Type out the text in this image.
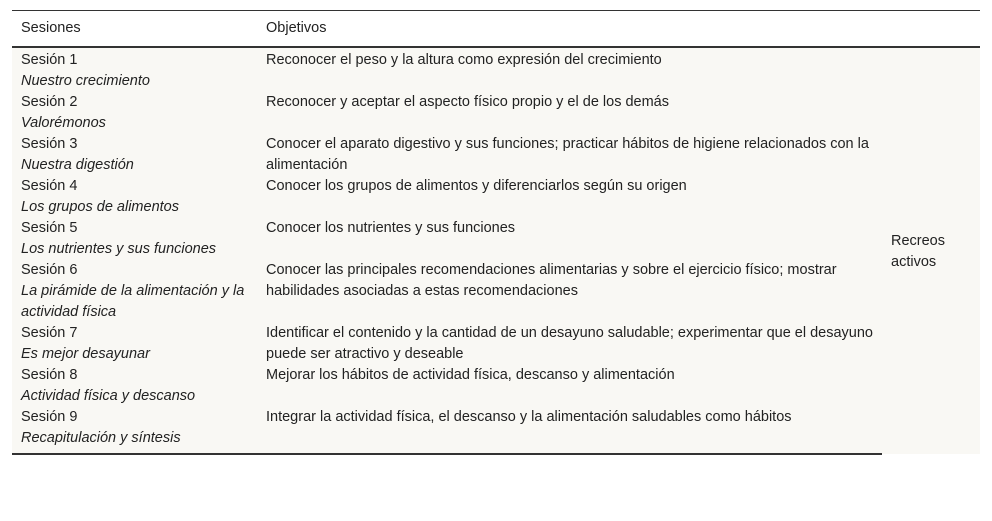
Sesiones	Objetivos	

Sesión 1
Nuestro crecimiento	Reconocer el peso y la altura como expresión del crecimiento	Recreos activos

Sesión 2
Valorémonos	Reconocer y aceptar el aspecto físico propio y el de los demás	

Sesión 3
Nuestra digestión	Conocer el aparato digestivo y sus funciones; practicar hábitos de higiene relacionados con la alimentación	

Sesión 4
Los grupos de alimentos	Conocer los grupos de alimentos y diferenciarlos según su origen	

Sesión 5
Los nutrientes y sus funciones	Conocer los nutrientes y sus funciones	

Sesión 6
La pirámide de la alimentación y la actividad física	Conocer las principales recomendaciones alimentarias y sobre el ejercicio físico; mostrar habilidades asociadas a estas recomendaciones	

Sesión 7
Es mejor desayunar	Identificar el contenido y la cantidad de un desayuno saludable; experimentar que el desayuno puede ser atractivo y deseable	

Sesión 8
Actividad física y descanso	Mejorar los hábitos de actividad física, descanso y alimentación	

Sesión 9
Recapitulación y síntesis	Integrar la actividad física, el descanso y la alimentación saludables como hábitos	
